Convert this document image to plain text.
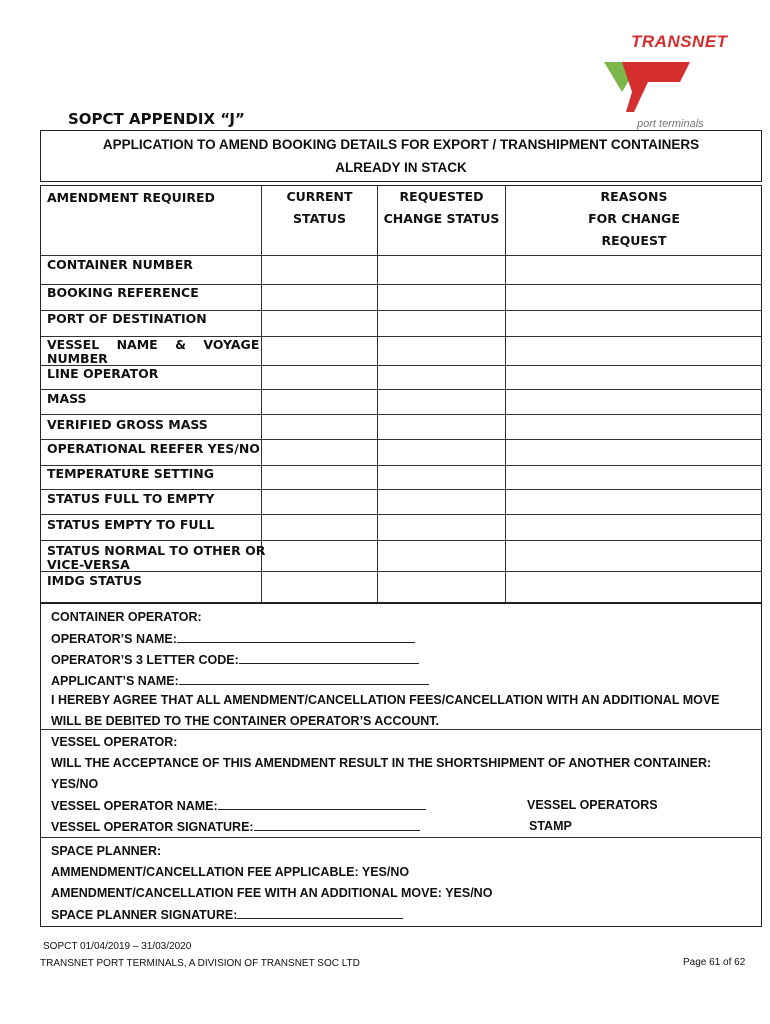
TRANSNET
port terminals
SOPCT APPENDIX “J”
APPLICATION TO AMEND BOOKING DETAILS FOR EXPORT / TRANSHIPMENT CONTAINERS
ALREADY IN STACK
AMENDMENT REQUIRED	CURRENT
STATUS
REQUESTED
CHANGE STATUS
REASONS
FOR CHANGE
REQUEST
CONTAINER NUMBER
BOOKING REFERENCE
PORT OF DESTINATION
VESSEL    NAME    &    VOYAGE
NUMBER
LINE OPERATOR
MASS
VERIFIED GROSS MASS
OPERATIONAL REEFER YES/NO
TEMPERATURE SETTING
STATUS FULL TO EMPTY
STATUS EMPTY TO FULL
STATUS NORMAL TO OTHER OR
VICE-VERSA
IMDG STATUS
CONTAINER OPERATOR:
OPERATOR’S NAME:
OPERATOR’S 3 LETTER CODE:
APPLICANT’S NAME:
I HEREBY AGREE THAT ALL AMENDMENT/CANCELLATION FEES/CANCELLATION WITH AN ADDITIONAL MOVE
WILL BE DEBITED TO THE CONTAINER OPERATOR’S ACCOUNT.
VESSEL OPERATOR:
WILL THE ACCEPTANCE OF THIS AMENDMENT RESULT IN THE SHORTSHIPMENT OF ANOTHER CONTAINER:
YES/NO
VESSEL OPERATOR NAME:
VESSEL OPERATOR SIGNATURE:
VESSEL OPERATORS
STAMP
SPACE PLANNER:
AMMENDMENT/CANCELLATION FEE APPLICABLE: YES/NO
AMENDMENT/CANCELLATION FEE WITH AN ADDITIONAL MOVE: YES/NO
SPACE PLANNER SIGNATURE:
SOPCT 01/04/2019 – 31/03/2020
TRANSNET PORT TERMINALS, A DIVISION OF TRANSNET SOC LTD	Page 61 of 62
